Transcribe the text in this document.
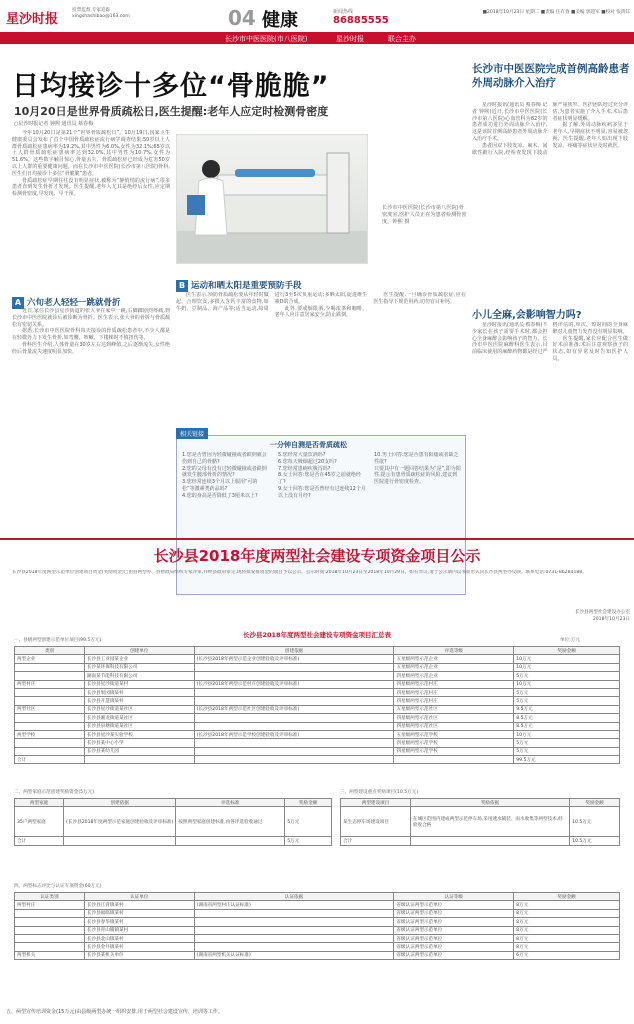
星沙时报
投票监督 专家追踪 xingshashibao@163.com	04 健康	新闻热线
86885555
■2018年10月23日 星期二 ■责编 任有春 ■美编 郭超军 ■校对 张鸿钰
长沙市中医医院(市八医院)	星沙时报	联合主办
日均接诊十多位“骨脆脆”
10月20日是世界骨质疏松日,医生提醒:老年人应定时检测骨密度
○星沙时报记者 钟熙 通讯员 蔡春梅

今年10月20日是第21个“世界骨质疏松日”。10月19日,国家卫生健康委员会发布了首个中国骨质疏松症流行病学调查结果:50岁以上人群骨质疏松症患病率为19.2%,其中男性为6.0%,女性为32.1%;65岁以上人群骨质疏松症患病率达到32.0%,其中男性为10.7%,女性为51.6%。这些数字触目惊心,骨量丢失、骨质疏松症已经成为危害50岁以上人群的重要健康问题。而在长沙市中医医院(长沙市第八医院)骨科,医生们日均接诊十多位“骨脆脆”患者。

骨质疏松症早期往往没有明显症状,被称为“静悄悄的流行病”,很多患者直到发生骨折才发现。医生提醒,老年人尤其是绝经后女性,应定期检测骨密度,早发现、早干预。

长沙市中医医院(长沙市第八医院)骨密度室,医护人员正在为患者检测骨密度。钟熙 摄
A 六旬老人轻轻一跳就骨折

近日,家住长沙县星沙街道的张大爷在家中一跳,右脚踝剧烈疼痛,到长沙市中医医院就诊后被诊断为骨折。医生表示,张大爷的骨折与骨质疏松有密切关系。

据悉,长沙市中医医院骨科每天接诊的骨质疏松患者中,不少人都是在轻微外力下发生骨折,如弯腰、咳嗽、下楼梯时不慎扭伤等。

骨科医生介绍,人体骨量在30岁左右达到峰值,之后逐渐流失,女性绝经后骨量流失速度明显加快。

B 运动和晒太阳是重要预防手段

医生表示,预防骨质疏松要从年轻时做起。合理饮食,多摄入含钙丰富的食物,如牛奶、豆制品、海产品等;适当运动,每周进行3至5次负重运动;多晒太阳,促进维生素D的合成。

此外,要戒烟限酒,少喝浓茶和咖啡。老年人应注意居家安全,防止跌倒。

医生提醒,一旦确诊骨质疏松症,应在医生指导下规范用药,切勿盲目补钙。

相关链接
一分钟自测是否骨质疏松
1.您是否曾因为轻微碰撞或者跌倒就会伤到自己的骨骼?
2.您的父母有没有过轻微碰撞或者跌倒就发生髋部骨折的情况?
3.您经常连续3个月以上服用“可的松”等激素类药品吗?
4.您的身高是否降低了3厘米以上?
5.您经常大量饮酒吗?
6.您每天吸烟超过20支吗?
7.您经常患痢疾腹泻吗?
8.女士回答:您是否在45岁之前就绝经了?
9.女士回答:您是否曾经有过连续12个月以上没有月经?
10.男士回答:您是否患有阳痿或者缺乏性欲?
只要其中有一题回答结果为“是”,即为阳性,提示有患骨质疏松症的风险,建议到医院进行骨密度检查。
长沙市中医医院完成首例高龄患者外周动脉介入治疗

星沙时报讯(通讯员 蔡春梅 记者 钟熙)近日,长沙市中医医院(长沙市第八医院)心血管科为82岁的患者成功进行外周动脉介入治疗,这是该院首例高龄患者外周动脉介入治疗手术。

患者因双下肢发凉、麻木、间歇性跛行入院,经检查发现下肢动脉严重狭窄。医护团队经过充分评估,为患者实施了介入手术,术后患者症状明显缓解。

据了解,外周动脉疾病多见于老年人,早期症状不明显,容易被忽视。医生提醒,老年人如出现下肢发凉、疼痛等症状应及时就医。

小儿全麻,会影响智力吗?

星沙时报讯(通讯员 蔡春梅)不少家长在孩子需要手术时,都会担心全身麻醉会影响孩子的智力。长沙市中医医院麻醉科医生表示,目前临床使用的麻醉药物都是经过严格评估的,单次、短时间的全身麻醉对儿童智力发育没有明显影响。

医生提醒,家长应配合医生做好术前准备,术后注意观察孩子的状态,如有异常及时告知医护人员。

长沙县2018年度两型社会建设专项资金项目公示
长沙县2018年度两型示范单位创建项目资金(奖励资金)已由县两型办、县财政局组织专家评审,并经县政府审定,现将拟安排资金的项目予以公示。公示时间:2018年10月23日至2018年10月29日。如有异议,请于公示期内以书面形式向长沙县两型办反映。联系电话:0731-86284188。
长沙县两型社会建设办公室
2018年10月23日
长沙县2018年度两型社会建设专项资金项目汇总表
一、县级两型创建示范单位项目(99.5万元)	单位:万元
类别	创建单位	创建依据	评选等级	奖励金额
两型企业	长沙县工业园某企业	(长沙县2018年两型示范企业创建验收及评审标准)	五星级两型示范企业	10万元
	长沙某环保科技有限公司		五星级两型示范企业	10万元
	湖南某节能科技有限公司		四星级两型示范企业	5万元
两型村庄	长沙县星沙街道某村	(长沙县2018年两型示范村庄创建验收及评审标准)	四星级两型示范村庄	10万元
	长沙县果园镇某村		四星级两型示范村庄	5万元
	长沙县开慧镇某村		四星级两型示范村庄	5万元
两型社区	长沙县星沙街道某社区	(长沙县2018年两型示范社区创建验收及评审标准)	五星级两型示范社区	9.5万元
	长沙县湘龙街道某社区		四星级两型示范社区	8.5万元
	长沙县泉塘街道某社区		四星级两型示范社区	8.5万元
两型学校	长沙县星沙某实验学校	(长沙县2018年两型示范学校创建验收及评审标准)	五星级两型示范学校	10万元
	长沙县某中心小学		四星级两型示范学校	5万元
	长沙县某幼儿园		四星级两型示范学校	5万元
合计				99.5万元
二、两型家庭示范创建奖励资金(5万元)
两型家庭	创建依据	评选标准	奖励金额
35户两型家庭	(长沙县2018年度两型示范家庭创建验收及评审标准)	按照两型家庭创建标准,由各评选验收通过	5万元
合计			5万元
三、两型建设重点奖励项目(10.5万元)
两型建设项目	奖励依据	奖励金额
某生态停车场建设项目	在城区范围内建成两型示范停车场,采用透水铺装、雨水收集等两型技术,经验收合格	10.5万元
合计		10.5万元
四、两型标志评比与认证专项资金(60万元)
认证类别	认证单位	认证依据	认证等级	奖励金额
两型村庄	长沙县江背镇某村	(湖南省两型村庄认证标准)	省级认证两型示范单位	8万元
	长沙县福临镇某村		省级认证两型示范单位	8万元
	长沙县春华镇某村		省级认证两型示范单位	8万元
	长沙县青山铺镇某村		省级认证两型示范单位	8万元
	长沙县北山镇某村		省级认证两型示范单位	8万元
	长沙县金井镇某村		省级认证两型示范单位	8万元
两型机关	长沙县某机关单位	(湖南省两型机关认证标准)	省级认证两型示范单位	6万元
五、两型宣传培训资金(15万元)由县级两型办统一组织安排,用于两型社会建设宣传、培训等工作。
